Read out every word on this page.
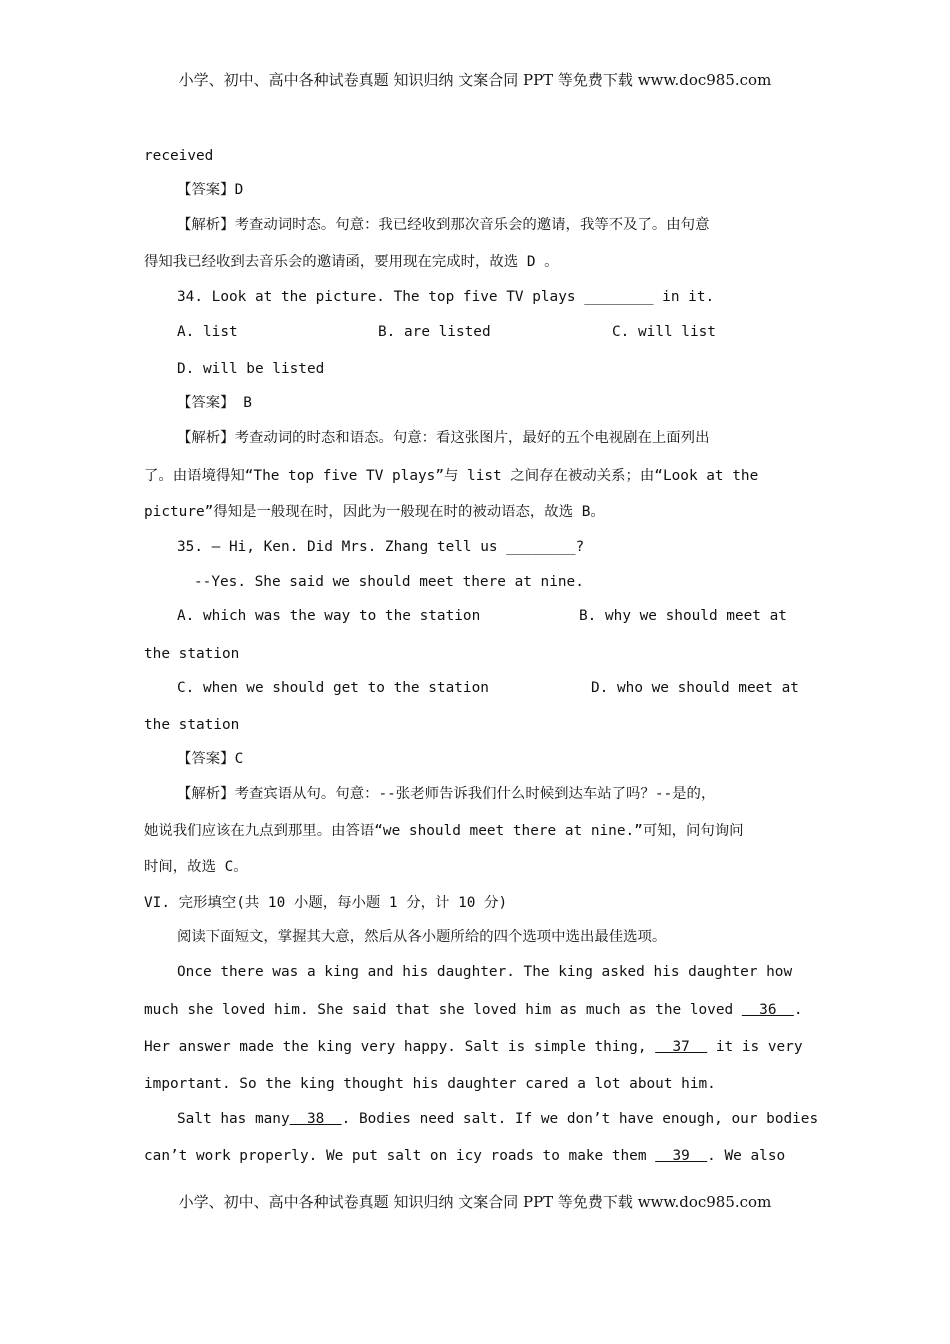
小学、初中、高中各种试卷真题 知识归纳 文案合同 PPT 等免费下载 www.doc985.com
received
【答案】D
【解析】考查动词时态。句意：我已经收到那次音乐会的邀请，我等不及了。由句意
得知我已经收到去音乐会的邀请函，要用现在完成时，故选 D 。
34. Look at the picture. The top five TV plays ________ in it.
A. list	B. are listed	C. will list
D. will be listed
【答案】 B
【解析】考查动词的时态和语态。句意：看这张图片，最好的五个电视剧在上面列出
了。由语境得知“The top five TV plays”与 list 之间存在被动关系；由“Look at the
picture”得知是一般现在时，因此为一般现在时的被动语态，故选 B。
35. – Hi, Ken. Did Mrs. Zhang tell us ________?
--Yes. She said we should meet there at nine.
A. which was the way to the station	B. why we should meet at
the station
C. when we should get to the station	D. who we should meet at
the station
【答案】C
【解析】考查宾语从句。句意：--张老师告诉我们什么时候到达车站了吗？--是的，
她说我们应该在九点到那里。由答语“we should meet there at nine.”可知，问句询问
时间，故选 C。
VI. 完形填空(共 10 小题，每小题 1 分，计 10 分)
阅读下面短文，掌握其大意，然后从各小题所给的四个选项中选出最佳选项。
Once there was a king and his daughter. The king asked his daughter how
much she loved him. She said that she loved him as much as the loved   36  .
Her answer made the king very happy. Salt is simple thing,   37   it is very
important. So the king thought his daughter cared a lot about him.
Salt has many  38  . Bodies need salt. If we don’t have enough, our bodies
can’t work properly. We put salt on icy roads to make them   39  . We also
小学、初中、高中各种试卷真题 知识归纳 文案合同 PPT 等免费下载 www.doc985.com
